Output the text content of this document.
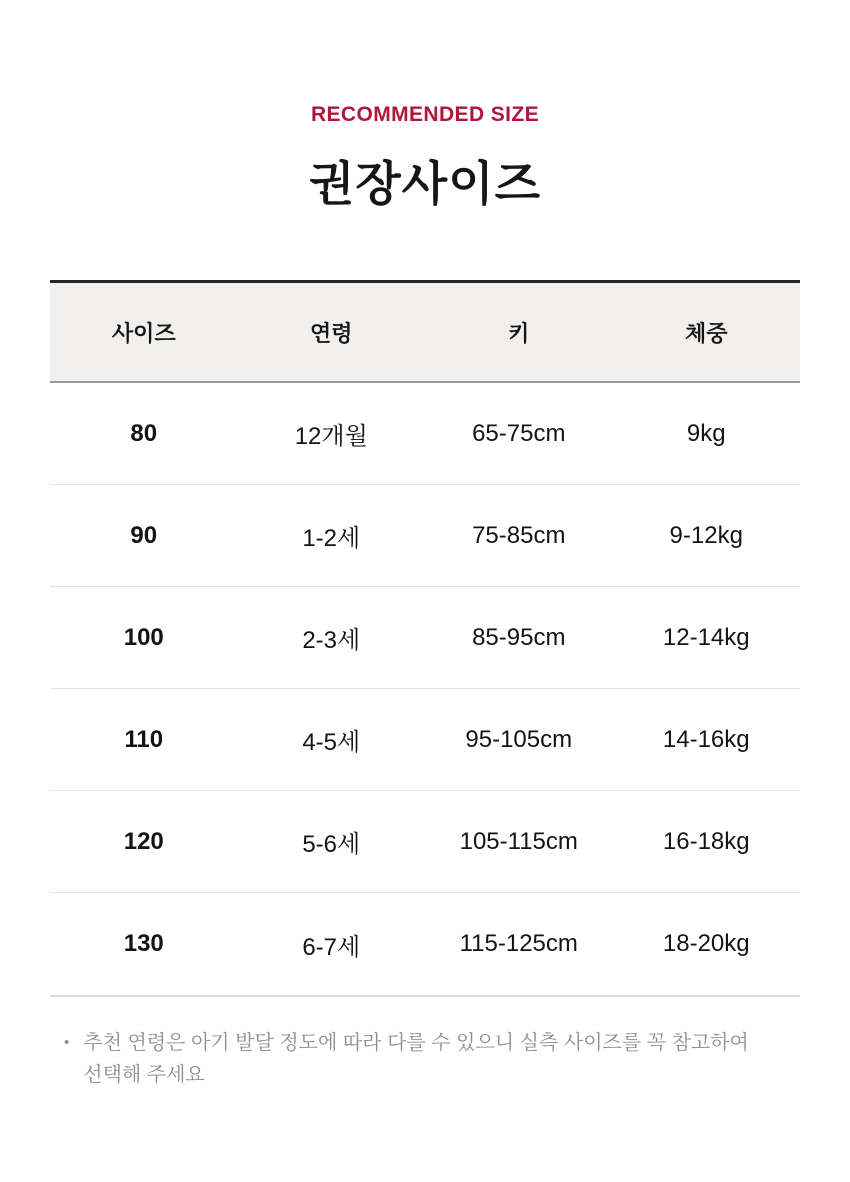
RECOMMENDED SIZE
권장사이즈
사이즈	연령	키	체중
80	12개월	65-75cm	9kg
90	1-2세	75-85cm	9-12kg
100	2-3세	85-95cm	12-14kg
110	4-5세	95-105cm	14-16kg
120	5-6세	105-115cm	16-18kg
130	6-7세	115-125cm	18-20kg
• 추천 연령은 아기 발달 정도에 따라 다를 수 있으니 실측 사이즈를 꼭 참고하여 선택해 주세요
